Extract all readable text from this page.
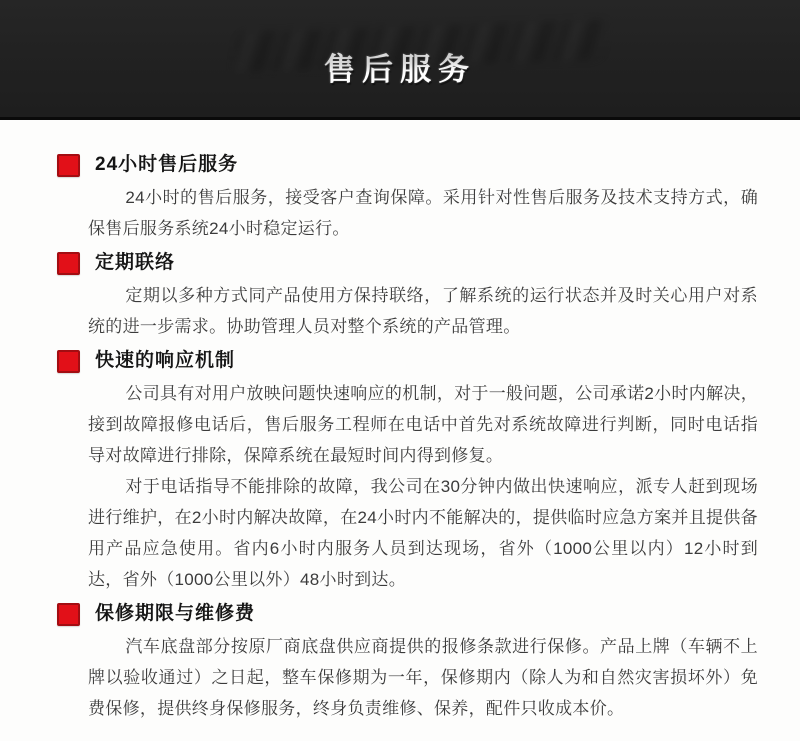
售后服务
24小时售后服务

24小时的售后服务，接受客户查询保障。采用针对性售后服务及技术支持方式，确保售后服务系统24小时稳定运行。

定期联络

定期以多种方式同产品使用方保持联络，了解系统的运行状态并及时关心用户对系统的进一步需求。协助管理人员对整个系统的产品管理。

快速的响应机制

公司具有对用户放映问题快速响应的机制，对于一般问题，公司承诺2小时内解决，接到故障报修电话后，售后服务工程师在电话中首先对系统故障进行判断，同时电话指导对故障进行排除，保障系统在最短时间内得到修复。

对于电话指导不能排除的故障，我公司在30分钟内做出快速响应，派专人赶到现场进行维护，在2小时内解决故障，在24小时内不能解决的，提供临时应急方案并且提供备用产品应急使用。省内6小时内服务人员到达现场，省外（1000公里以内）12小时到达，省外（1000公里以外）48小时到达。

保修期限与维修费

汽车底盘部分按原厂商底盘供应商提供的报修条款进行保修。产品上牌（车辆不上牌以验收通过）之日起，整车保修期为一年，保修期内（除人为和自然灾害损坏外）免费保修，提供终身保修服务，终身负责维修、保养，配件只收成本价。
